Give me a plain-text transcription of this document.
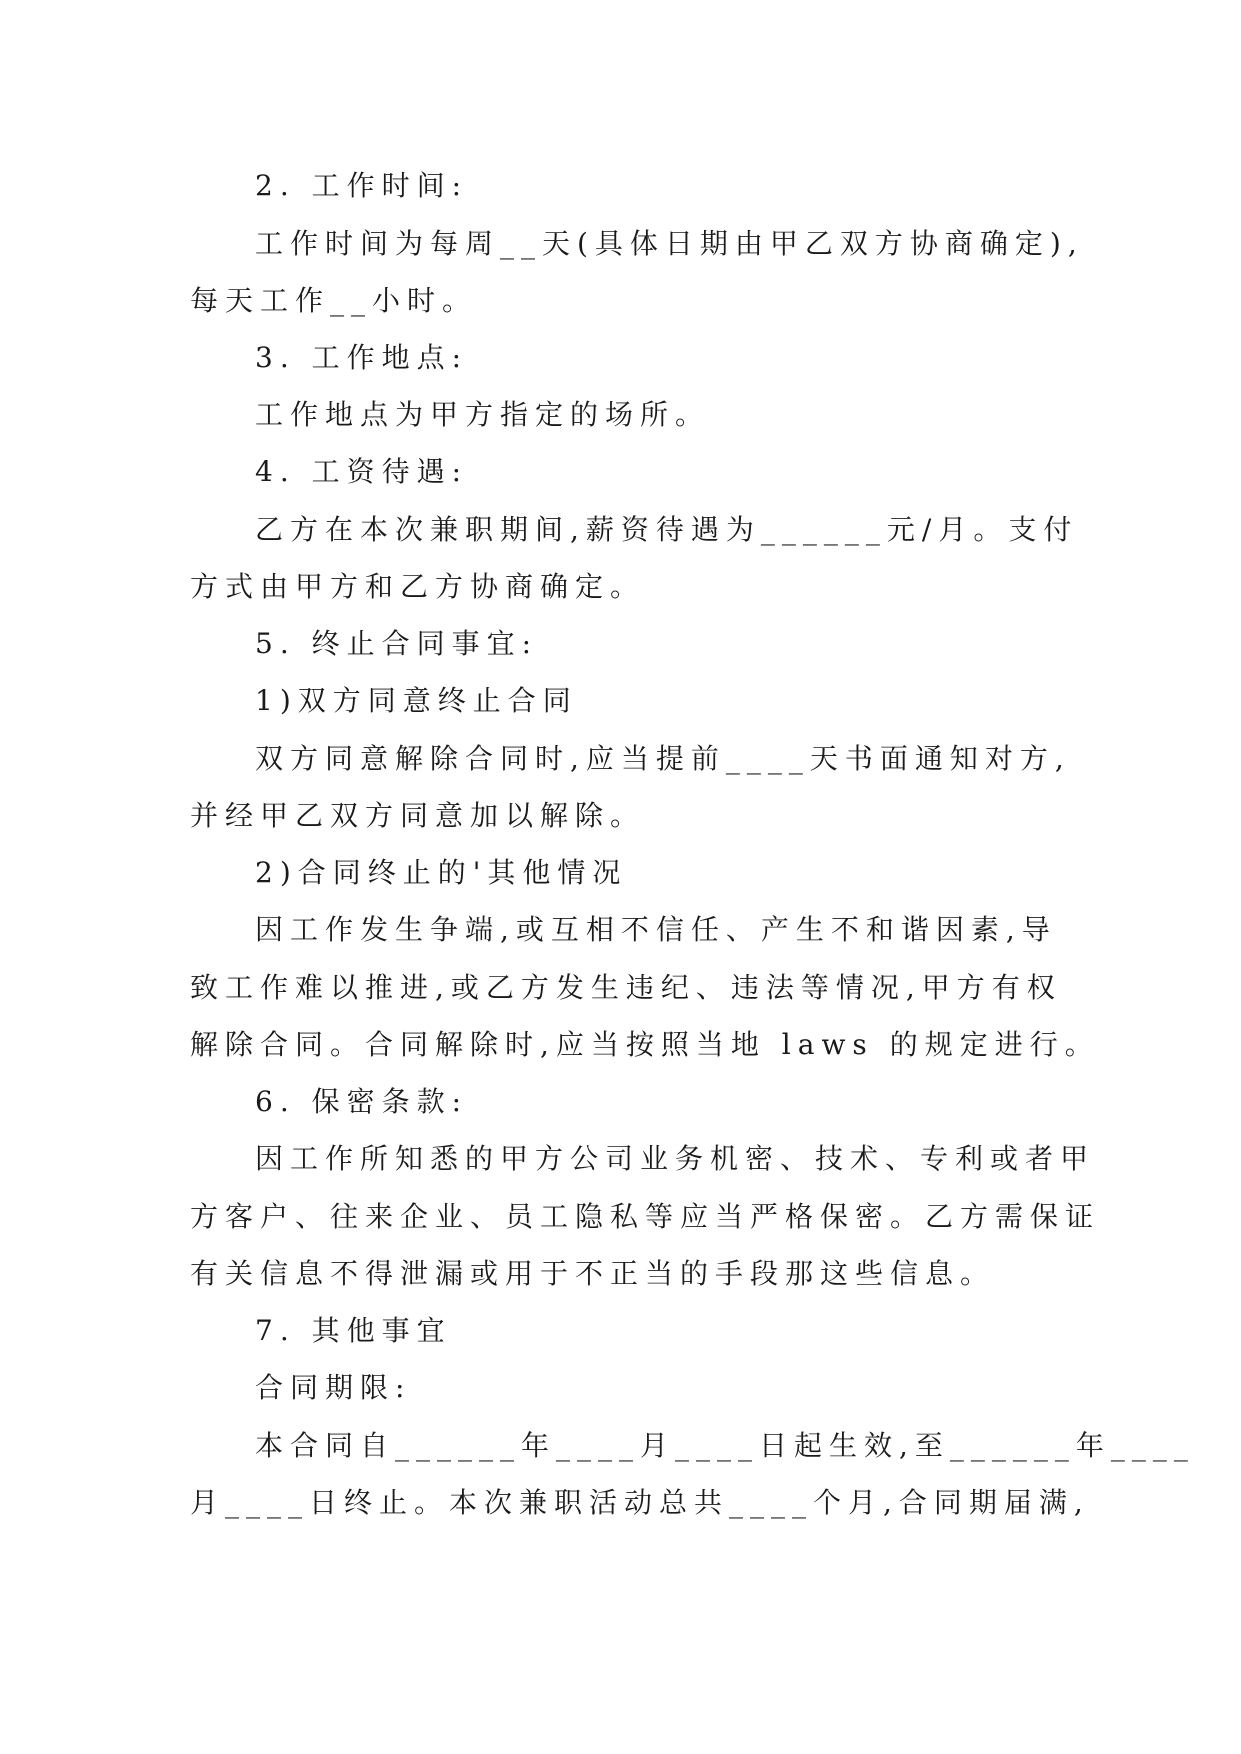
2. 工作时间:
工作时间为每周__天(具体日期由甲乙双方协商确定),
每天工作__小时。
3. 工作地点:
工作地点为甲方指定的场所。
4. 工资待遇:
乙方在本次兼职期间,薪资待遇为______元/月。支付
方式由甲方和乙方协商确定。
5. 终止合同事宜:
1)双方同意终止合同
双方同意解除合同时,应当提前____天书面通知对方,
并经甲乙双方同意加以解除。
2)合同终止的'其他情况
因工作发生争端,或互相不信任、产生不和谐因素,导
致工作难以推进,或乙方发生违纪、违法等情况,甲方有权
解除合同。合同解除时,应当按照当地 laws 的规定进行。
6. 保密条款:
因工作所知悉的甲方公司业务机密、技术、专利或者甲
方客户、往来企业、员工隐私等应当严格保密。乙方需保证
有关信息不得泄漏或用于不正当的手段那这些信息。
7. 其他事宜
合同期限:
本合同自______年____月____日起生效,至______年____
月____日终止。本次兼职活动总共____个月,合同期届满,
